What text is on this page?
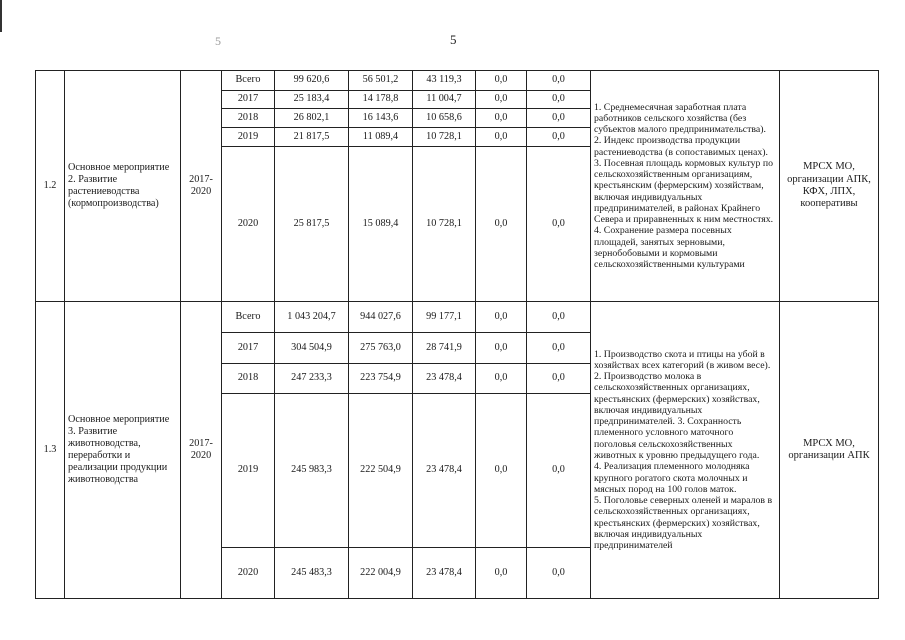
5	5
1.2	Основное мероприятие 2. Развитие растениеводства (кормопроизводства)	2017-2020	Всего	99 620,6	56 501,2	43 119,3	0,0	0,0	1. Среднемесячная заработная плата работников сельского хозяйства (без субъектов малого предпринимательства).
2. Индекс производства продукции растениеводства (в сопоставимых ценах).
3. Посевная площадь кормовых культур по сельскохозяйственным организациям, крестьянским (фермерским) хозяйствам, включая индивидуальных предпринимателей, в районах Крайнего Севера и приравненных к ним местностях.
4. Сохранение размера посевных площадей, занятых зерновыми, зернобобовыми и кормовыми сельскохозяйственными культурами	МРСХ МО, организации АПК, КФХ, ЛПХ, кооперативы
			2017	25 183,4	14 178,8	11 004,7	0,0	0,0		
			2018	26 802,1	16 143,6	10 658,6	0,0	0,0		
			2019	21 817,5	11 089,4	10 728,1	0,0	0,0		
			2020	25 817,5	15 089,4	10 728,1	0,0	0,0		
1.3	Основное мероприятие 3. Развитие животноводства, переработки и реализации продукции животноводства	2017-2020	Всего	1 043 204,7	944 027,6	99 177,1	0,0	0,0	1. Производство скота и птицы на убой в хозяйствах всех категорий (в живом весе).
2. Производство молока в сельскохозяйственных организациях, крестьянских (фермерских) хозяйствах, включая индивидуальных предпринимателей. 3. Сохранность племенного условного маточного поголовья сельскохозяйственных животных к уровню предыдущего года.
4. Реализация племенного молодняка крупного рогатого скота молочных и мясных пород на 100 голов маток.
5. Поголовье северных оленей и маралов в сельскохозяйственных организациях, крестьянских (фермерских) хозяйствах, включая индивидуальных предпринимателей	МРСХ МО, организации АПК
			2017	304 504,9	275 763,0	28 741,9	0,0	0,0		
			2018	247 233,3	223 754,9	23 478,4	0,0	0,0		
			2019	245 983,3	222 504,9	23 478,4	0,0	0,0		
			2020	245 483,3	222 004,9	23 478,4	0,0	0,0		
